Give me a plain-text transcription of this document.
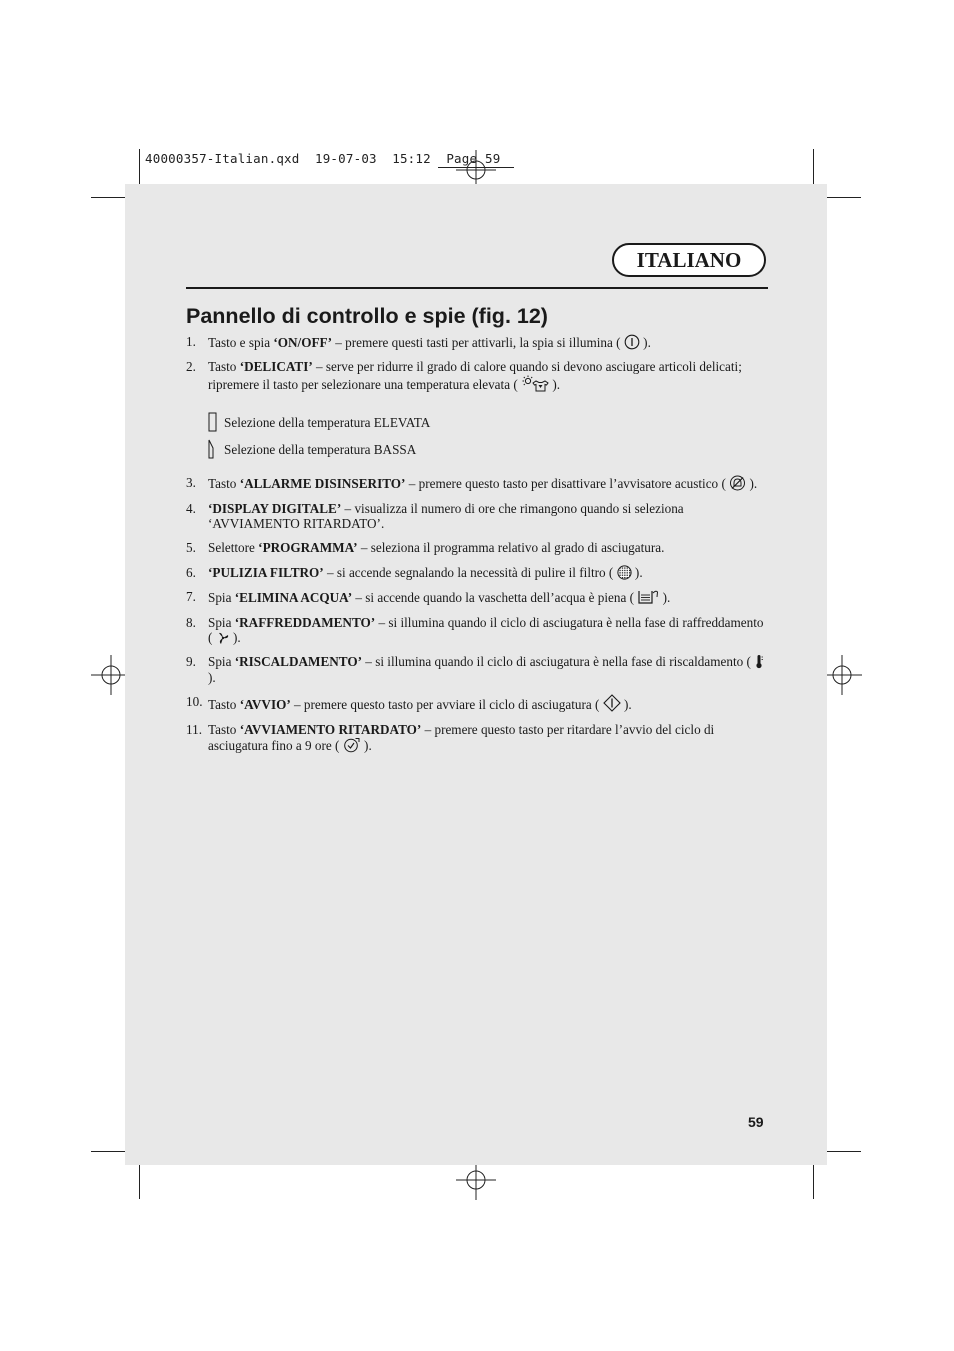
40000357-Italian.qxd 19-07-03 15:12 Page 59
ITALIANO
Pannello di controllo e spie (fig. 12)
1. Tasto e spia ‘ON/OFF’ – premere questi tasti per attivarli, la spia si illumina ( ).
2. Tasto ‘DELICATI’ – serve per ridurre il grado di calore quando si devono asciugare articoli delicati; ripremere il tasto per selezionare una temperatura elevata (	).
Selezione della temperatura ELEVATA
Selezione della temperatura BASSA
3. Tasto ‘ALLARME DISINSERITO’ – premere questo tasto per disattivare l’avvisatore acustico ( ).
4. ‘DISPLAY DIGITALE’ – visualizza il numero di ore che rimangono quando si seleziona ‘AVVIAMENTO RITARDATO’.
5. Selettore ‘PROGRAMMA’ – seleziona il programma relativo al grado di asciugatura.
6. ‘PULIZIA FILTRO’ – si accende segnalando la necessità di pulire il filtro ( ).
7. Spia ‘ELIMINA ACQUA’ – si accende quando la vaschetta dell’acqua è piena ( ).
8. Spia ‘RAFFREDDAMENTO’ – si illumina quando il ciclo di asciugatura è nella fase di raffreddamento ( ).
9. Spia ‘RISCALDAMENTO’ – si illumina quando il ciclo di asciugatura è nella fase di riscaldamento (  ).
10. Tasto ‘AVVIO’ – premere questo tasto per avviare il ciclo di asciugatura ( ).
11. Tasto ‘AVVIAMENTO RITARDATO’ – premere questo tasto per ritardare l’avvio del ciclo di asciugatura fino a 9 ore ( ).
59
